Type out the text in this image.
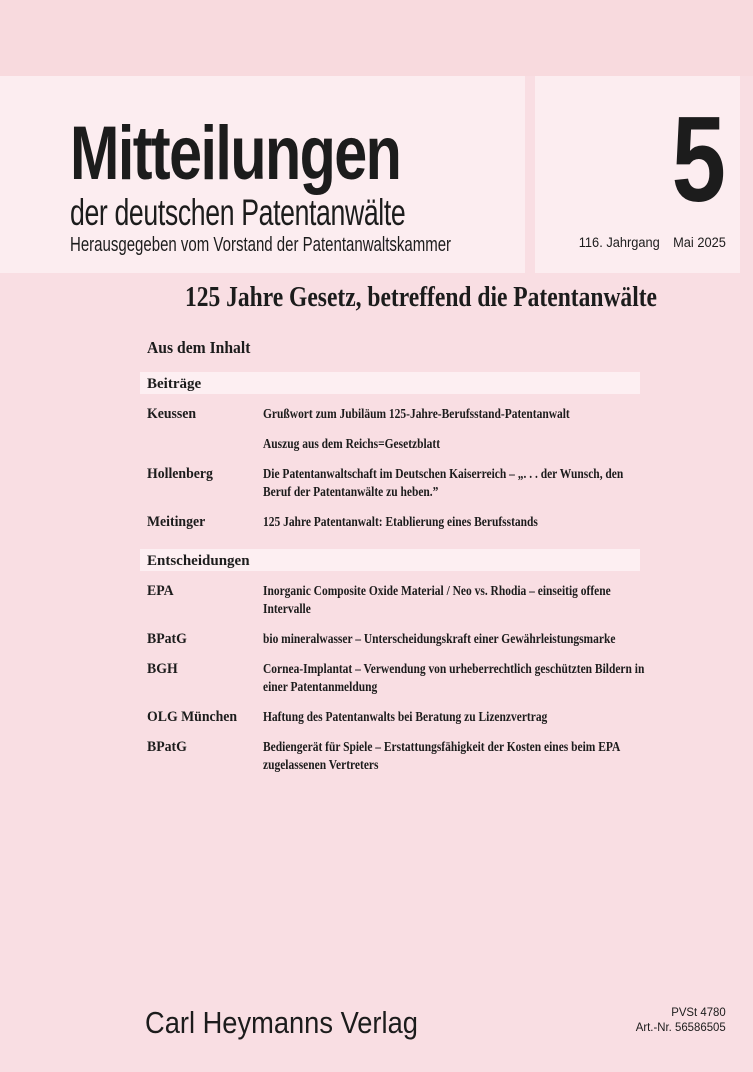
Mitteilungen
der deutschen Patentanwälte
Herausgegeben vom Vorstand der Patentanwaltskammer
5
116. Jahrgang Mai 2025
125 Jahre Gesetz, betreffend die Patentanwälte
Aus dem Inhalt
Beiträge
Keussen	Grußwort zum Jubiläum 125-Jahre-Berufsstand-Patentanwalt
Auszug aus dem Reichs=Gesetzblatt
Hollenberg	Die Patentanwaltschaft im Deutschen Kaiserreich – „. . . der Wunsch, den
Beruf der Patentanwälte zu heben.”
Meitinger	125 Jahre Patentanwalt: Etablierung eines Berufsstands
Entscheidungen
EPA	Inorganic Composite Oxide Material / Neo vs. Rhodia – einseitig offene
Intervalle
BPatG	bio mineralwasser – Unterscheidungskraft einer Gewährleistungsmarke
BGH	Cornea-Implantat – Verwendung von urheberrechtlich geschützten Bildern in
einer Patentanmeldung
OLG München	Haftung des Patentanwalts bei Beratung zu Lizenzvertrag
BPatG	Bediengerät für Spiele – Erstattungsfähigkeit der Kosten eines beim EPA
zugelassenen Vertreters
Carl Heymanns Verlag	PVSt 4780
Art.-Nr. 56586505
